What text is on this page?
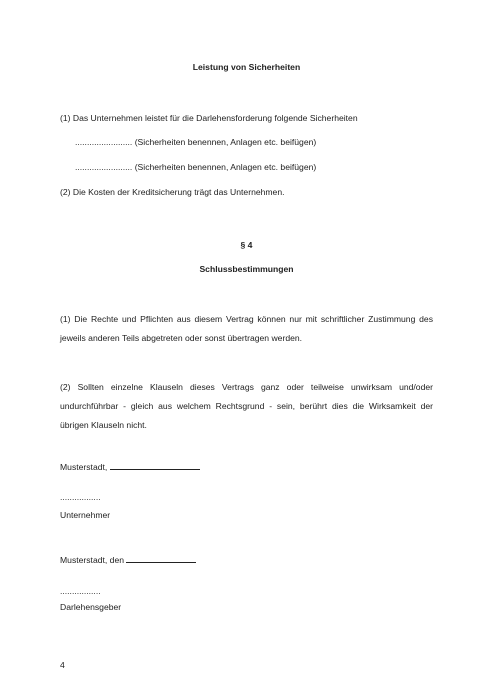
Leistung von Sicherheiten
(1) Das Unternehmen leistet für die Darlehensforderung folgende Sicherheiten
........................ (Sicherheiten benennen, Anlagen etc. beifügen)
........................ (Sicherheiten benennen, Anlagen etc. beifügen)
(2) Die Kosten der Kreditsicherung trägt das Unternehmen.
§ 4
Schlussbestimmungen
(1) Die Rechte und Pflichten aus diesem Vertrag können nur mit schriftlicher Zustimmung des jeweils anderen Teils abgetreten oder sonst übertragen werden.
(2) Sollten einzelne Klauseln dieses Vertrags ganz oder teilweise unwirksam und/oder undurchführbar - gleich aus welchem Rechtsgrund - sein, berührt dies die Wirksamkeit der übrigen Klauseln nicht.
Musterstadt,
.................
Unternehmer
Musterstadt, den
.................
Darlehensgeber
4
